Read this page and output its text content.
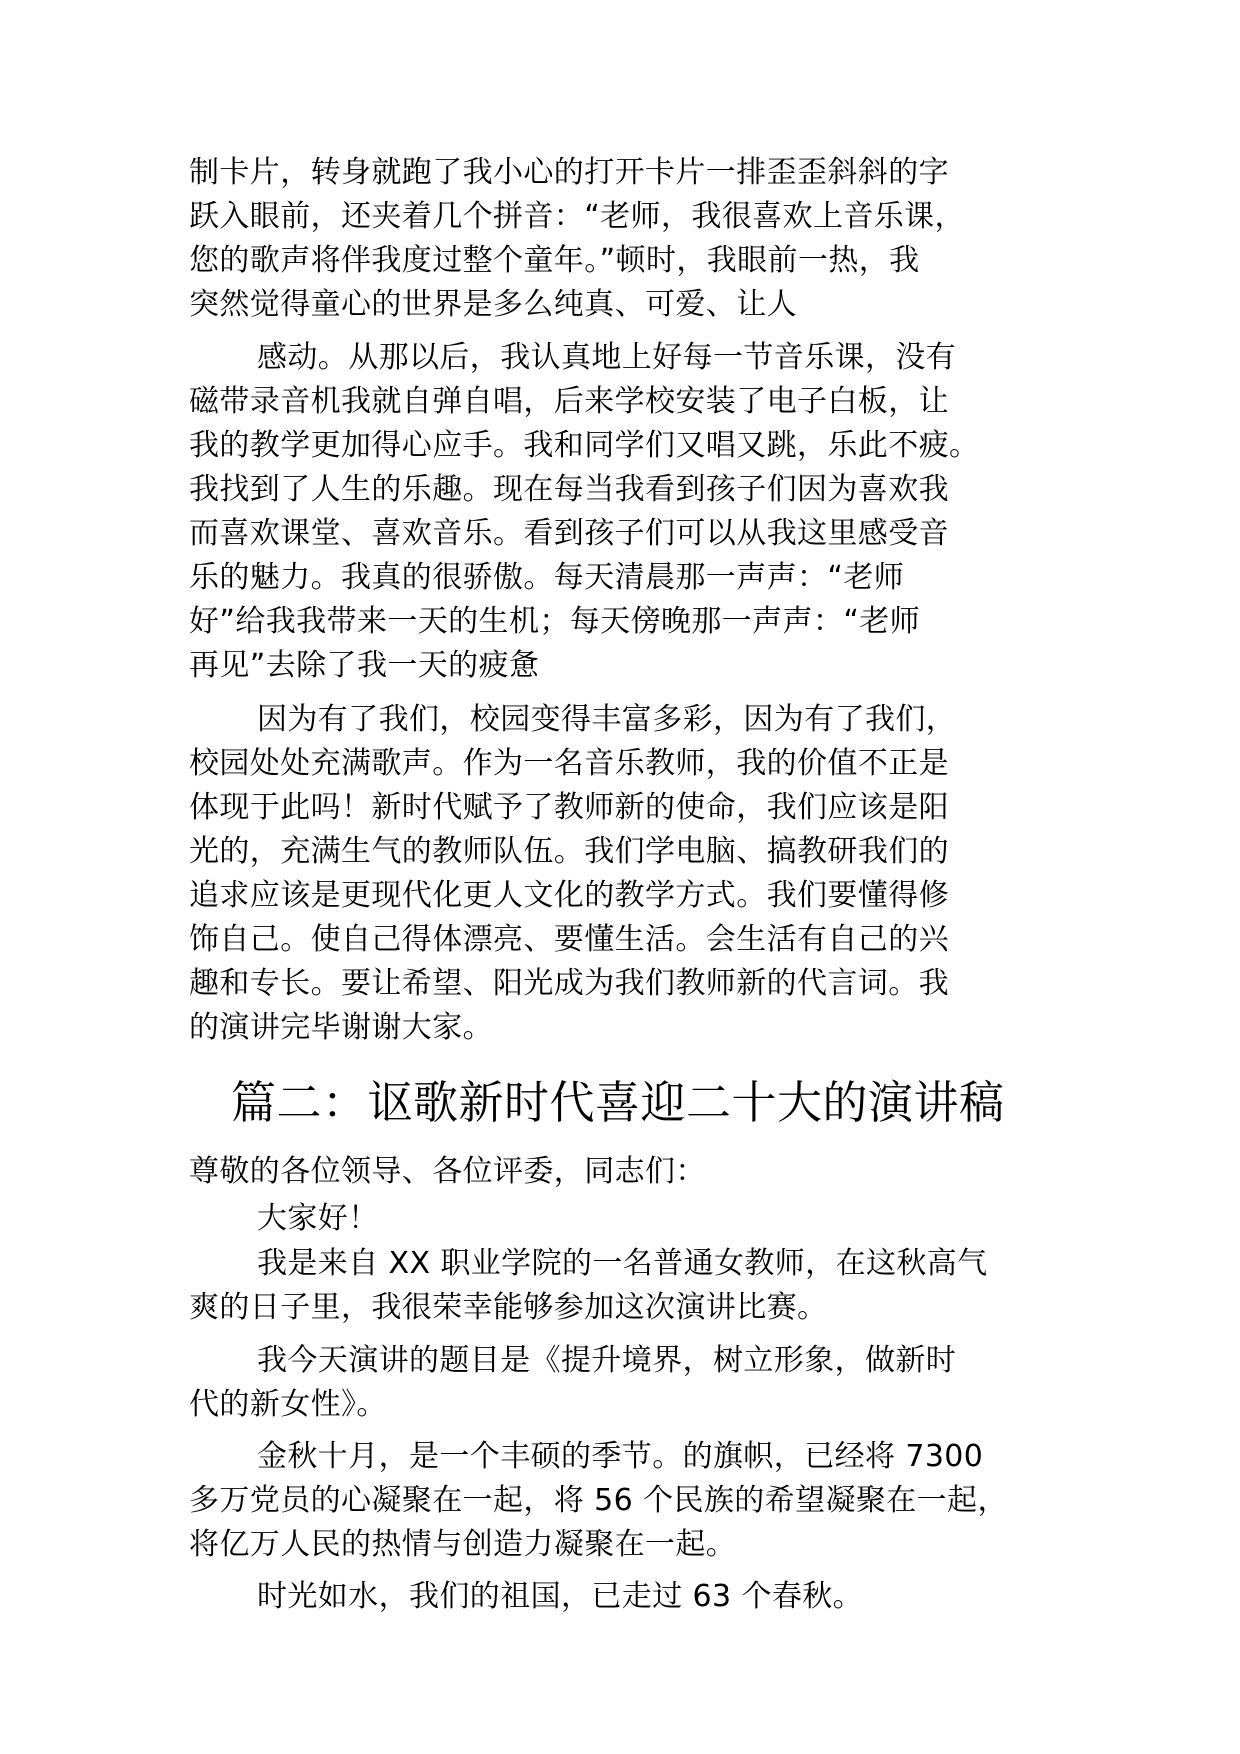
制卡片，转身就跑了我小心的打开卡片一排歪歪斜斜的字
跃入眼前，还夹着几个拼音：“老师，我很喜欢上音乐课，
您的歌声将伴我度过整个童年。”顿时，我眼前一热，我
突然觉得童心的世界是多么纯真、可爱、让人
感动。从那以后，我认真地上好每一节音乐课，没有
磁带录音机我就自弹自唱，后来学校安装了电子白板，让
我的教学更加得心应手。我和同学们又唱又跳，乐此不疲。
我找到了人生的乐趣。现在每当我看到孩子们因为喜欢我
而喜欢课堂、喜欢音乐。看到孩子们可以从我这里感受音
乐的魅力。我真的很骄傲。每天清晨那一声声：“老师
好”给我我带来一天的生机；每天傍晚那一声声：“老师
再见”去除了我一天的疲惫
因为有了我们，校园变得丰富多彩，因为有了我们，
校园处处充满歌声。作为一名音乐教师，我的价值不正是
体现于此吗！新时代赋予了教师新的使命，我们应该是阳
光的，充满生气的教师队伍。我们学电脑、搞教研我们的
追求应该是更现代化更人文化的教学方式。我们要懂得修
饰自己。使自己得体漂亮、要懂生活。会生活有自己的兴
趣和专长。要让希望、阳光成为我们教师新的代言词。我
的演讲完毕谢谢大家。
篇二：讴歌新时代喜迎二十大的演讲稿
尊敬的各位领导、各位评委，同志们：
大家好！
我是来自 XX 职业学院的一名普通女教师，在这秋高气
爽的日子里，我很荣幸能够参加这次演讲比赛。
我今天演讲的题目是《提升境界，树立形象，做新时
代的新女性》。
金秋十月，是一个丰硕的季节。的旗帜，已经将 7300
多万党员的心凝聚在一起，将 56 个民族的希望凝聚在一起，
将亿万人民的热情与创造力凝聚在一起。
时光如水，我们的祖国，已走过 63 个春秋。
